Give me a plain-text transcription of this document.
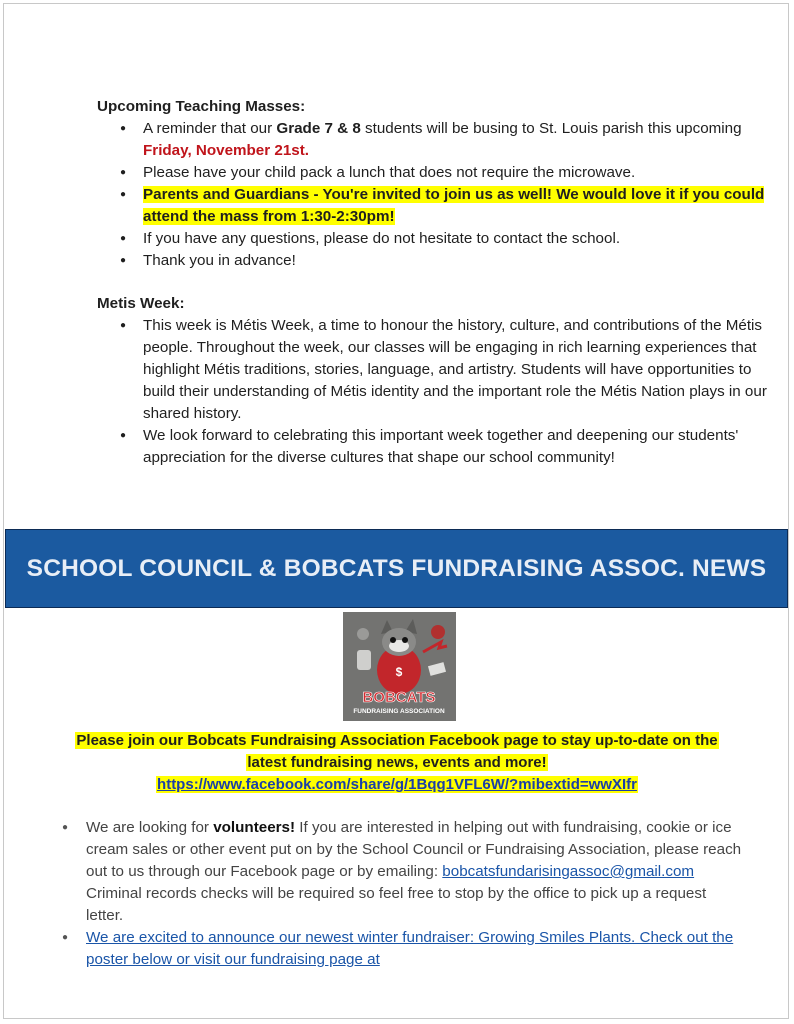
Upcoming Teaching Masses:
● A reminder that our Grade 7 & 8 students will be busing to St. Louis parish this upcoming Friday, November 21st.
● Please have your child pack a lunch that does not require the microwave.
● Parents and Guardians - You're invited to join us as well! We would love it if you could attend the mass from 1:30-2:30pm!
● If you have any questions, please do not hesitate to contact the school.
● Thank you in advance!
Metis Week:
● This week is Métis Week, a time to honour the history, culture, and contributions of the Métis people. Throughout the week, our classes will be engaging in rich learning experiences that highlight Métis traditions, stories, language, and artistry. Students will have opportunities to build their understanding of Métis identity and the important role the Métis Nation plays in our shared history.
● We look forward to celebrating this important week together and deepening our students' appreciation for the diverse cultures that shape our school community!
SCHOOL COUNCIL & BOBCATS FUNDRAISING ASSOC. NEWS
$
BOBCATS
FUNDRAISING ASSOCIATION
Please join our Bobcats Fundraising Association Facebook page to stay up-to-date on the
latest fundraising news, events and more!
https://www.facebook.com/share/g/1Bqg1VFL6W/?mibextid=wwXIfr
● We are looking for volunteers! If you are interested in helping out with fundraising, cookie or ice cream sales or other event put on by the School Council or Fundraising Association, please reach out to us through our Facebook page or by emailing: bobcatsfundarisingassoc@gmail.com Criminal records checks will be required so feel free to stop by the office to pick up a request letter.
● We are excited to announce our newest winter fundraiser: Growing Smiles Plants. Check out the poster below or visit our fundraising page at
